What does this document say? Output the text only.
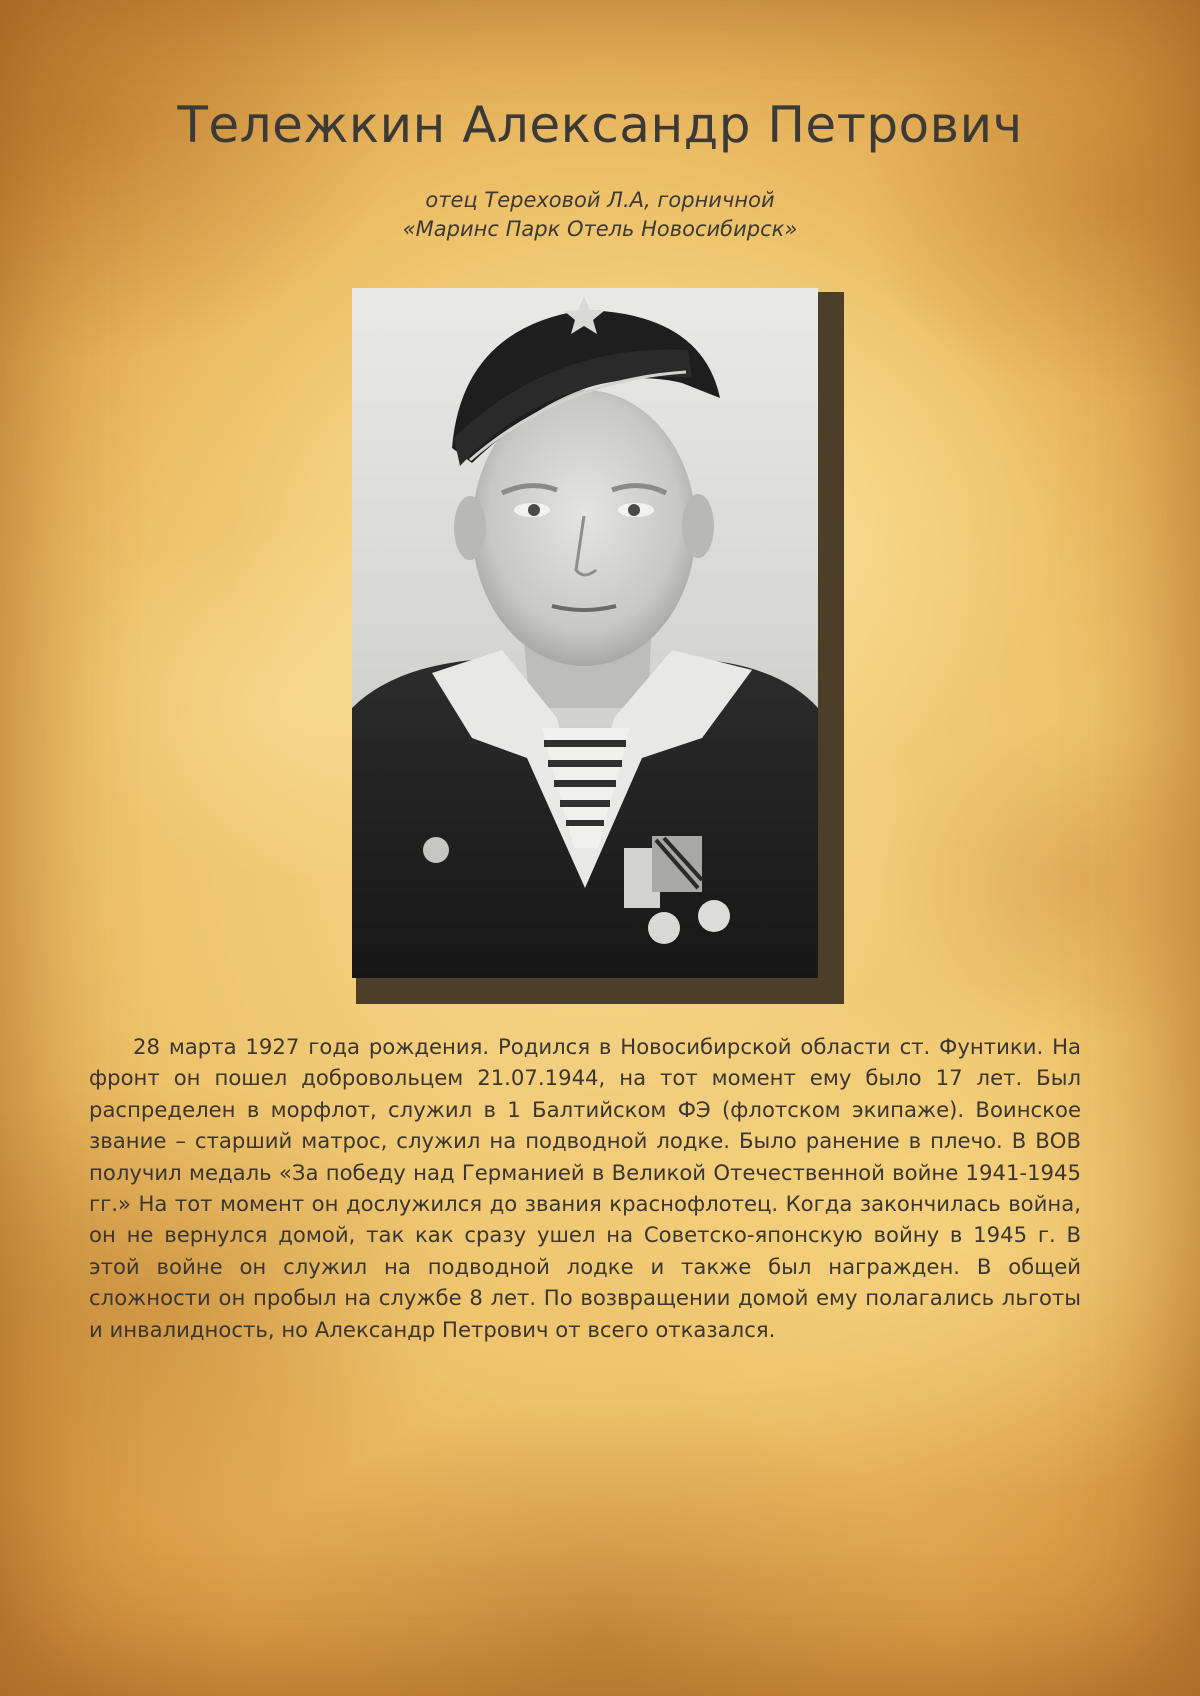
Тележкин Александр Петрович
отец Тереховой Л.А, горничной
«Маринс Парк Отель Новосибирск»

28 марта 1927 года рождения. Родился в Новосибирской области ст. Фунтики. На фронт он пошел добровольцем 21.07.1944, на тот момент ему было 17 лет. Был распределен в морфлот, служил в 1 Балтийском ФЭ (флотском экипаже). Воинское звание – старший матрос, служил на подводной лодке. Было ранение в плечо. В ВОВ получил медаль «За победу над Германией в Великой Отечественной войне 1941-1945 гг.» На тот момент он дослужился до звания краснофлотец. Когда закончилась война, он не вернулся домой, так как сразу ушел на Советско-японскую войну в 1945 г. В этой войне он служил на подводной лодке и также был награжден. В общей сложности он пробыл на службе 8 лет. По возвращении домой ему полагались льготы и инвалидность, но Александр Петрович от всего отказался.
